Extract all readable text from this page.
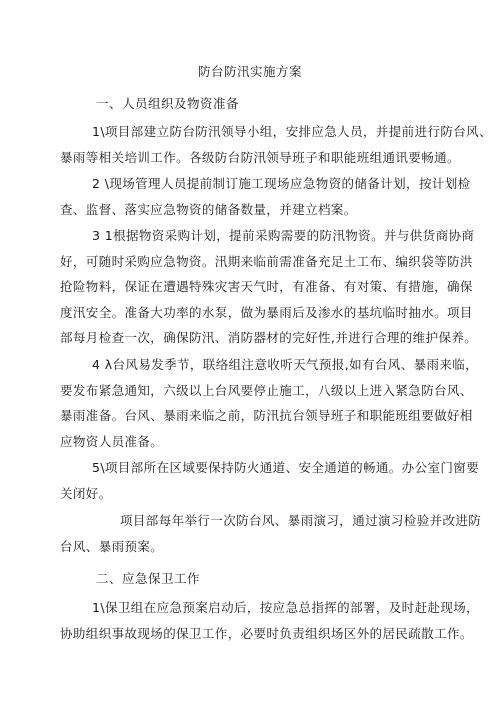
防台防汛实施方案
一、人员组织及物资准备
1\项目部建立防台防汛领导小组，安排应急人员，并提前进行防台风、
暴雨等相关培训工作。各级防台防汛领导班子和职能班组通讯要畅通。
2 \现场管理人员提前制订施工现场应急物资的储备计划，按计划检
查、监督、落实应急物资的储备数量，并建立档案。
3 1根据物资采购计划，提前采购需要的防汛物资。并与供货商协商
好，可随时采购应急物资。汛期来临前需准备充足土工布、编织袋等防洪
抢险物料，保证在遭遇特殊灾害天气时，有准备、有对策、有措施，确保
度汛安全。准备大功率的水泵，做为暴雨后及渗水的基坑临时抽水。项目
部每月检查一次，确保防汛、消防器材的完好性,并进行合理的维护保养。
4 λ台风易发季节，联络组注意收听天气预报,如有台风、暴雨来临，
要发布紧急通知，六级以上台风要停止施工，八级以上进入紧急防台风、
暴雨准备。台风、暴雨来临之前，防汛抗台领导班子和职能班组要做好相
应物资人员准备。
5\项目部所在区域要保持防火通道、安全通道的畅通。办公室门窗要
关闭好。
项目部每年举行一次防台风、暴雨演习，通过演习检验并改进防
台风、暴雨预案。
二、应急保卫工作
1\保卫组在应急预案启动后，按应急总指挥的部署，及时赶赴现场，
协助组织事故现场的保卫工作，必要时负责组织场区外的居民疏散工作。
